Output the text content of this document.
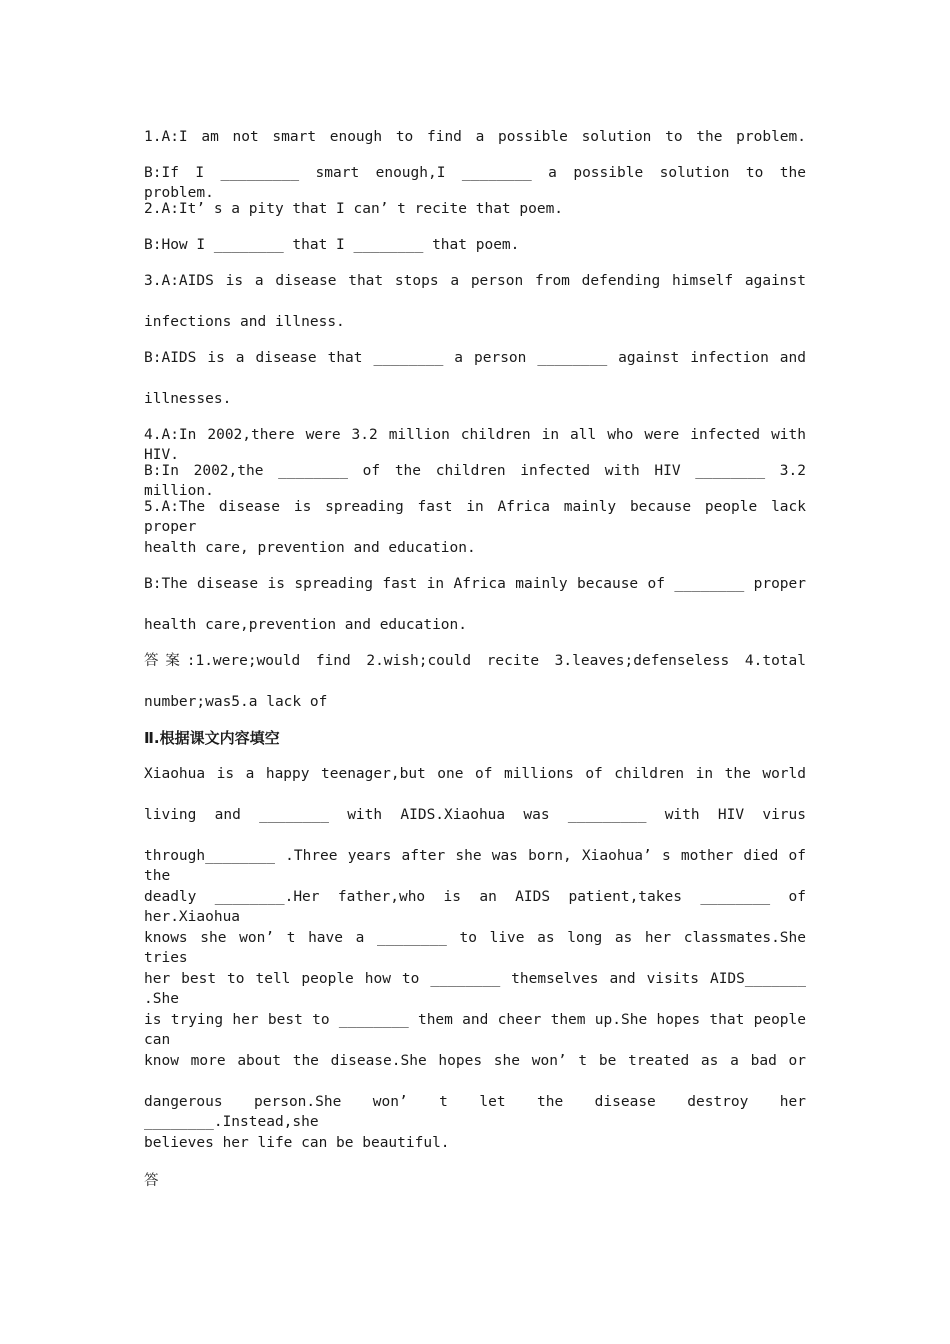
1.A:I am not smart enough to find a possible solution to the problem.
B:If I _________ smart enough,I ________ a possible solution to the problem.
2.A:It’ s a pity that I can’ t recite that poem.
B:How I ________ that I ________ that poem.
3.A:AIDS is a disease that stops a person from defending himself against
infections and illness.
B:AIDS is a disease that ________ a person ________ against infection and
illnesses.
4.A:In 2002,there were 3.2 million children in all who were infected with HIV.
B:In 2002,the ________ of the children infected with HIV ________ 3.2 million.
5.A:The disease is spreading fast in Africa mainly because people lack proper
health care, prevention and education.
B:The disease is spreading fast in Africa mainly because of ________ proper
health care,prevention and education.
答案:1.were;would find 2.wish;could recite 3.leaves;defenseless 4.total
number;was5.a lack of
Ⅱ.根据课文内容填空
Xiaohua is a happy teenager,but one of millions of children in the world
living and ________ with AIDS.Xiaohua was _________ with HIV virus
through________ .Three years after she was born, Xiaohua’ s mother died of the
deadly ________.Her father,who is an AIDS patient,takes ________ of her.Xiaohua
knows she won’ t have a ________ to live as long as her classmates.She tries
her best to tell people how to ________ themselves and visits AIDS_______ .She
is trying her best to ________ them and cheer them up.She hopes that people can
know more about the disease.She hopes she won’ t be treated as a bad or
dangerous person.She won’ t let the disease destroy her ________.Instead,she
believes her life can be beautiful.
答
